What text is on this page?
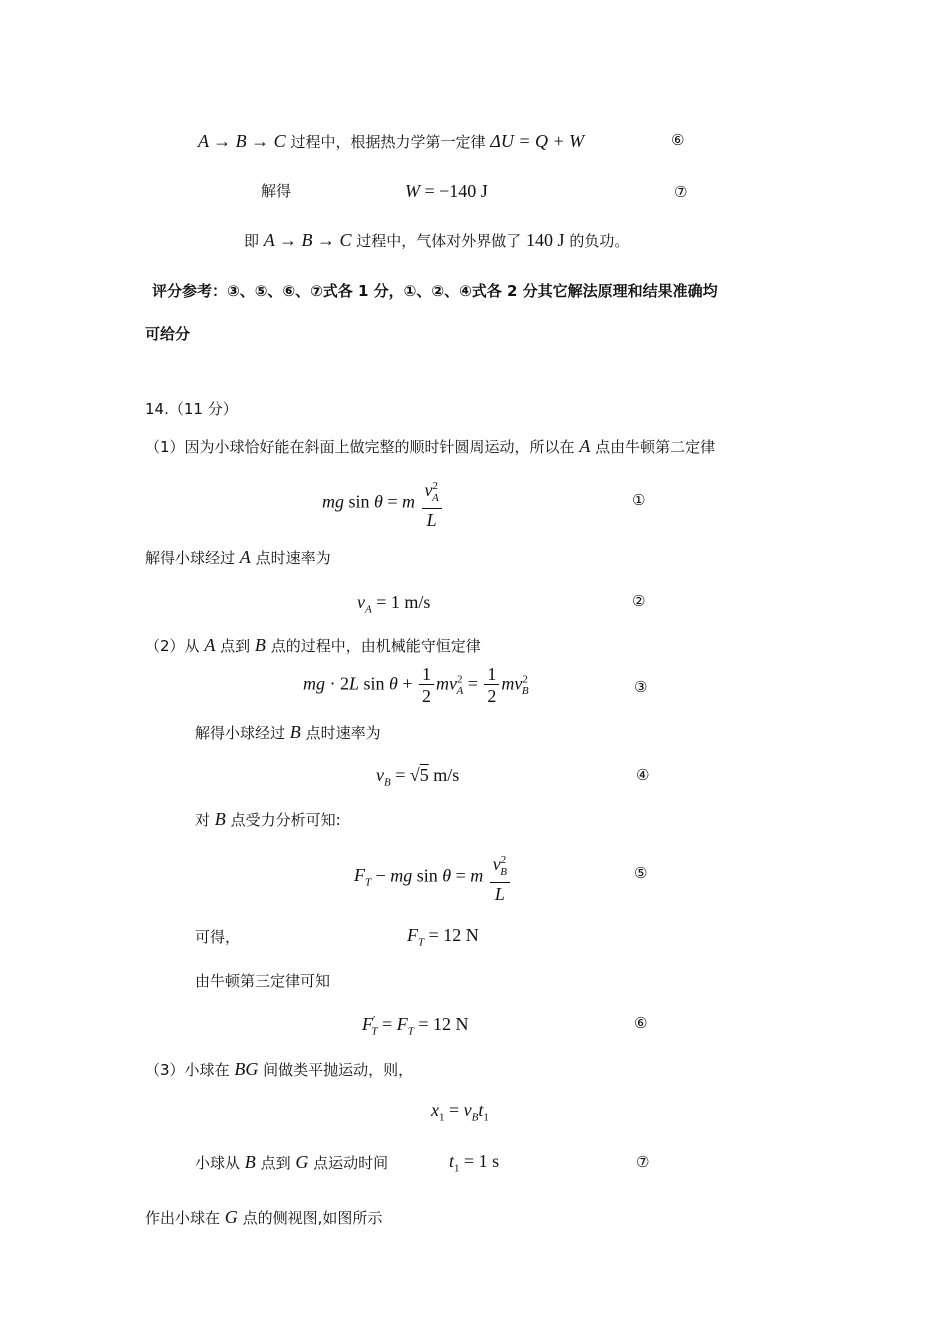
A → B → C 过程中，根据热力学第一定律 ΔU = Q + W	⑥
解得	W = −140 J	⑦
即 A → B → C 过程中，气体对外界做了 140 J 的负功。
评分参考：③、⑤、⑥、⑦式各 1 分，①、②、④式各 2 分其它解法原理和结果准确均
可给分
14.（11 分）
（1）因为小球恰好能在斜面上做完整的顺时针圆周运动，所以在 A 点由牛顿第二定律
mg sin θ = m $\frac{v^2_A}{L}$	①
解得小球经过 A 点时速率为
$v_A = 1$ m/s	②
（2）从 A 点到 B 点的过程中，由机械能守恒定律
mg · 2L $\sin \theta + \frac{1}{2} mv^2_A = \frac{1}{2} mv^2_B$	③
解得小球经过 B 点时速率为
$v_B = √5$ m/s	④
对 B 点受力分析可知:
$F_T$ − mg sin θ = m $\frac{v^2_B}{L}$	⑤
可得，	$F_T = 12$ N
由牛顿第三定律可知
$F'_T = F_T = 12$ N	⑥
（3）小球在 BG 间做类平抛运动，则，
$x_1 = v_Bt_1$
小球从 B 点到 G 点运动时间	$t_1 = 1$ s	⑦
作出小球在 G 点的侧视图,如图所示
